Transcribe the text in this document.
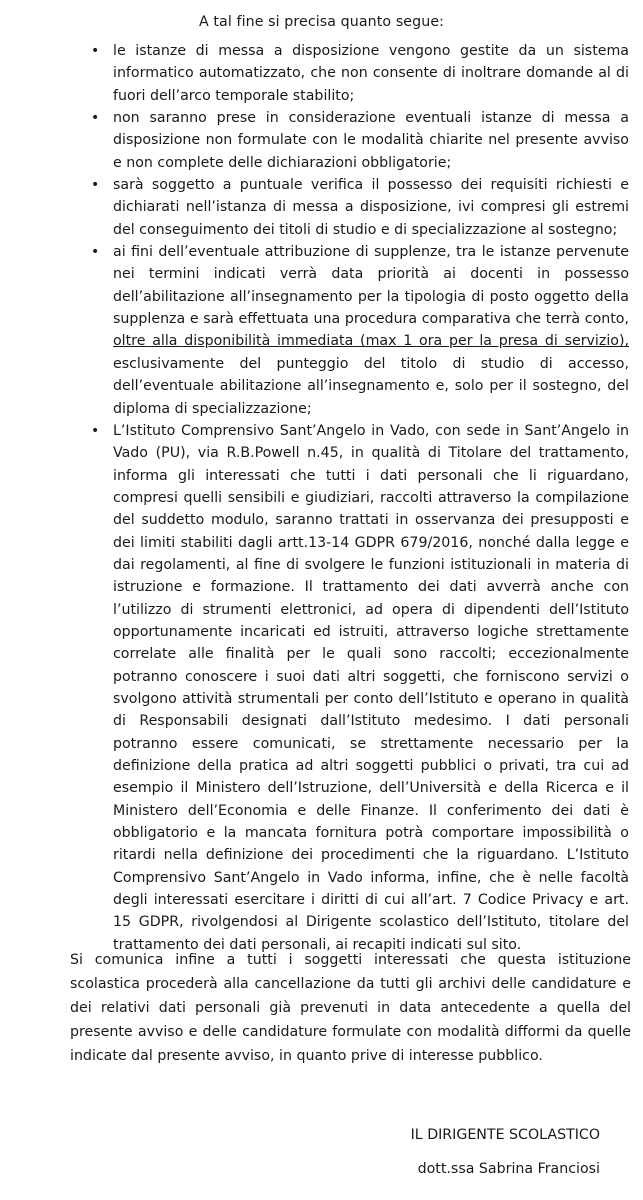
A tal fine si precisa quanto segue:
• le istanze di messa a disposizione vengono gestite da un sistema informatico automatizzato, che non consente di inoltrare domande al di fuori dell’arco temporale stabilito;
• non saranno prese in considerazione eventuali istanze di messa a disposizione non formulate con le modalità chiarite nel presente avviso e non complete delle dichiarazioni obbligatorie;
• sarà soggetto a puntuale verifica il possesso dei requisiti richiesti e dichiarati nell’istanza di messa a disposizione, ivi compresi gli estremi del conseguimento dei titoli di studio e di specializzazione al sostegno;
• ai fini dell’eventuale attribuzione di supplenze, tra le istanze pervenute nei termini indicati verrà data priorità ai docenti in possesso dell’abilitazione all’insegnamento per la tipologia di posto oggetto della supplenza e sarà effettuata una procedura comparativa che terrà conto, oltre alla disponibilità immediata (max 1 ora per la presa di servizio), esclusivamente del punteggio del titolo di studio di accesso, dell’eventuale abilitazione all’insegnamento e, solo per il sostegno, del diploma di specializzazione;
• L’Istituto Comprensivo Sant’Angelo in Vado, con sede in Sant’Angelo in Vado (PU), via R.B.Powell n.45, in qualità di Titolare del trattamento, informa gli interessati che tutti i dati personali che li riguardano, compresi quelli sensibili e giudiziari, raccolti attraverso la compilazione del suddetto modulo, saranno trattati in osservanza dei presupposti e dei limiti stabiliti dagli artt.13-14 GDPR 679/2016, nonché dalla legge e dai regolamenti, al fine di svolgere le funzioni istituzionali in materia di istruzione e formazione. Il trattamento dei dati avverrà anche con l’utilizzo di strumenti elettronici, ad opera di dipendenti dell’Istituto opportunamente incaricati ed istruiti, attraverso logiche strettamente correlate alle finalità per le quali sono raccolti; eccezionalmente potranno conoscere i suoi dati altri soggetti, che forniscono servizi o svolgono attività strumentali per conto dell’Istituto e operano in qualità di Responsabili designati dall’Istituto medesimo. I dati personali potranno essere comunicati, se strettamente necessario per la definizione della pratica ad altri soggetti pubblici o privati, tra cui ad esempio il Ministero dell’Istruzione, dell’Università e della Ricerca e il Ministero dell’Economia e delle Finanze. Il conferimento dei dati è obbligatorio e la mancata fornitura potrà comportare impossibilità o ritardi nella definizione dei procedimenti che la riguardano. L’Istituto Comprensivo Sant’Angelo in Vado informa, infine, che è nelle facoltà degli interessati esercitare i diritti di cui all’art. 7 Codice Privacy e art. 15 GDPR, rivolgendosi al Dirigente scolastico dell’Istituto, titolare del trattamento dei dati personali, ai recapiti indicati sul sito.
Si comunica infine a tutti i soggetti interessati che questa istituzione scolastica procederà alla cancellazione da tutti gli archivi delle candidature e dei relativi dati personali già prevenuti in data antecedente a quella del presente avviso e delle candidature formulate con modalità difformi da quelle indicate dal presente avviso, in quanto prive di interesse pubblico.
IL DIRIGENTE SCOLASTICO
dott.ssa Sabrina Franciosi
